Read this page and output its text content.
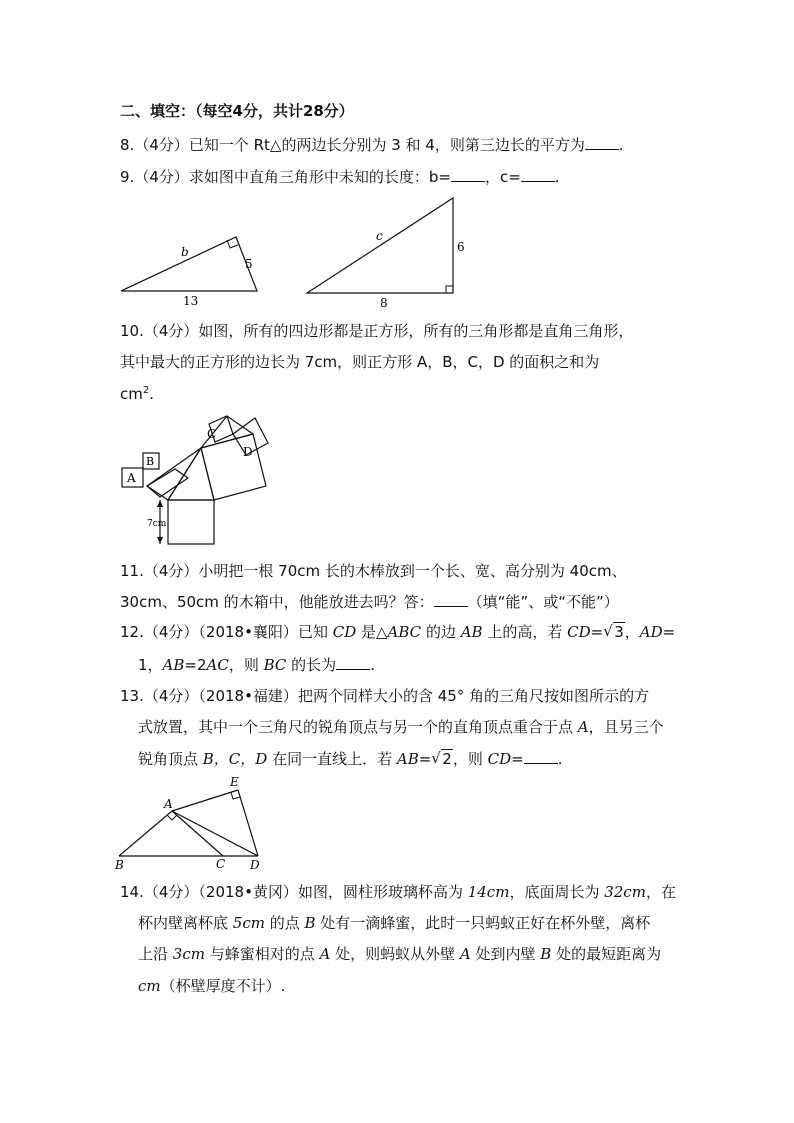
二、填空：（每空4分，共计28分）
8.（4分）已知一个 Rt△的两边长分别为 3 和 4，则第三边长的平方为 .
9.（4分）求如图中直角三角形中未知的长度：b= ，c= .
b
5
13
c
6
8
10.（4分）如图，所有的四边形都是正方形，所有的三角形都是直角三角形，
其中最大的正方形的边长为 7cm，则正方形 A，B，C，D 的面积之和为
$cm^2$.
A
B
C
D
7cm
11.（4分）小明把一根 70cm 长的木棒放到一个长、宽、高分别为 40cm、
30cm、50cm 的木箱中，他能放进去吗？答： （填“能”、或“不能”）
12.（4分）（2018•襄阳）已知 CD 是△ABC 的边 AB 上的高，若 CD= √ 3，AD=
1，AB=2AC，则 BC 的长为 .
13.（4分）（2018•福建）把两个同样大小的含 45° 角的三角尺按如图所示的方
式放置，其中一个三角尺的锐角顶点与另一个的直角顶点重合于点 A，且另三个
锐角顶点 B，C，D 在同一直线上．若 AB= √ 2，则 CD= .
A
B	C D
E
14.（4分）（2018•黄冈）如图，圆柱形玻璃杯高为 14cm，底面周长为 32cm，在
杯内壁离杯底 5cm 的点 B 处有一滴蜂蜜，此时一只蚂蚁正好在杯外壁，离杯
上沿 3cm 与蜂蜜相对的点 A 处，则蚂蚁从外壁 A 处到内壁 B 处的最短距离为
cm（杯壁厚度不计）.
